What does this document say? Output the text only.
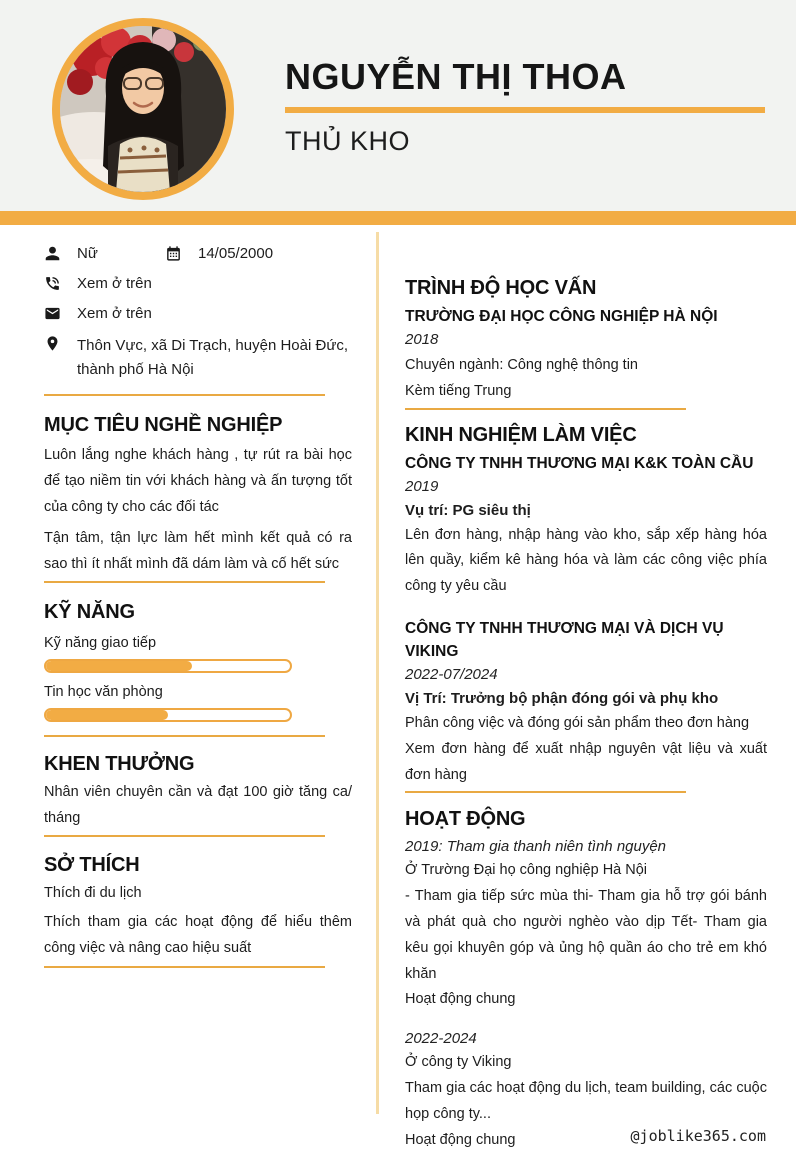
NGUYỄN THỊ THOA
THỦ KHO
Nữ	14/05/2000
Xem ở trên
Xem ở trên
Thôn Vực, xã Di Trạch, huyện Hoài Đức, thành phố Hà Nội
MỤC TIÊU NGHỀ NGHIỆP
Luôn lắng nghe khách hàng , tự rút ra bài học để tạo niềm tin với khách hàng và ấn tượng tốt của công ty cho các đối tác
Tận tâm, tận lực làm hết mình kết quả có ra sao thì ít nhất mình đã dám làm và cố hết sức
KỸ NĂNG
Kỹ năng giao tiếp
Tin học văn phòng
KHEN THƯỞNG
Nhân viên chuyên cần và đạt 100 giờ tăng ca/ tháng
SỞ THÍCH
Thích đi du lịch
Thích tham gia các hoạt động để hiểu thêm công việc và nâng cao hiệu suất
TRÌNH ĐỘ HỌC VẤN
TRƯỜNG ĐẠI HỌC CÔNG NGHIỆP HÀ NỘI
2018
Chuyên ngành: Công nghệ thông tin
Kèm tiếng Trung
KINH NGHIỆM LÀM VIỆC
CÔNG TY TNHH THƯƠNG MẠI K&K TOÀN CẦU
2019
Vụ trí: PG siêu thị
Lên đơn hàng, nhập hàng vào kho, sắp xếp hàng hóa lên quầy, kiểm kê hàng hóa và làm các công việc phía công ty yêu cầu
CÔNG TY TNHH THƯƠNG MẠI VÀ DỊCH VỤ VIKING
2022-07/2024
Vị Trí: Trưởng bộ phận đóng gói và phụ kho
Phân công việc và đóng gói sản phẩm theo đơn hàng
Xem đơn hàng để xuất nhập nguyên vật liệu và xuất đơn hàng
HOẠT ĐỘNG
2019: Tham gia thanh niên tình nguyện
Ở Trường Đại họ công nghiệp Hà Nội
- Tham gia tiếp sức mùa thi- Tham gia hỗ trợ gói bánh và phát quà cho người nghèo vào dịp Tết- Tham gia kêu gọi khuyên góp và ủng hộ quần áo cho trẻ em khó khăn
Hoạt động chung
2022-2024
Ở công ty Viking
Tham gia các hoạt động du lịch, team building, các cuộc họp công ty...
Hoạt động chung	@joblike365.com
